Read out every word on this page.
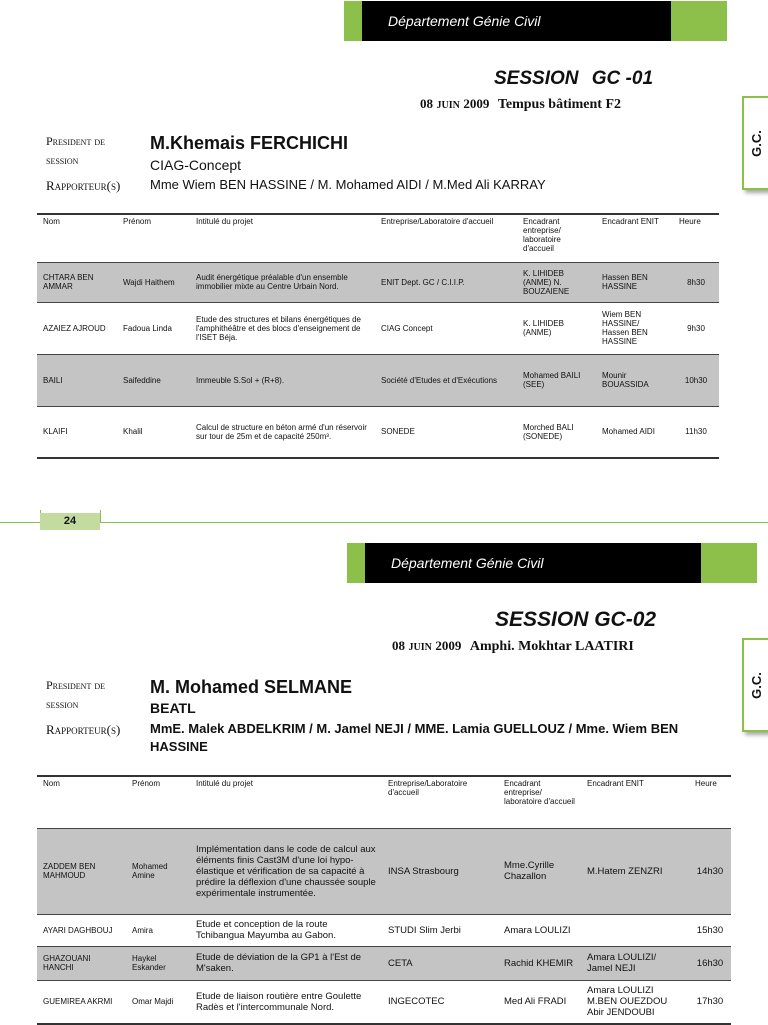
Département Génie Civil
G.C.
SESSION GC -01
08 JUIN 2009 Tempus bâtiment F2
President de
session
M.Khemais FERCHICHI
CIAG-Concept
Rapporteur(s) Mme Wiem BEN HASSINE / M. Mohamed AIDI / M.Med Ali KARRAY
Nom	Prénom	Intitulé du projet	Entreprise/Laboratoire d'accueil	Encadrant entreprise/ laboratoire d'accueil	Encadrant ENIT	Heure
CHTARA BEN AMMAR	Wajdi Haithem	Audit énergétique préalable d'un ensemble immobilier mixte au Centre Urbain Nord.	ENIT Dept. GC / C.I.I.P.	K. LIHIDEB (ANME) N. BOUZAIENE	Hassen BEN HASSINE	8h30
AZAIEZ AJROUD	Fadoua Linda	Etude des structures et bilans énergétiques de l'amphithéâtre et des blocs d'enseignement de l'ISET Béja.	CIAG Concept	K. LIHIDEB (ANME)	Wiem BEN HASSINE/ Hassen BEN HASSINE	9h30
BAILI	Saifeddine	Immeuble S.Sol + (R+8).	Société d'Etudes et d'Exécutions	Mohamed BAILI (SEE)	Mounir BOUASSIDA	10h30
KLAIFI	Khalil	Calcul de structure en béton armé d'un réservoir sur tour de 25m et de capacité 250m³.	SONEDE	Morched BALI (SONEDE)	Mohamed AIDI	11h30
24
Département Génie Civil
G.C.
SESSION GC-02
08 JUIN 2009 Amphi. Mokhtar LAATIRI
President de
session
M. Mohamed SELMANE
BEATL
Rapporteur(s) MmE. Malek ABDELKRIM / M. Jamel NEJI / MME. Lamia GUELLOUZ / Mme. Wiem BEN
HASSINE
Nom	Prénom	Intitulé du projet	Entreprise/Laboratoire d'accueil	Encadrant entreprise/ laboratoire d'accueil	Encadrant ENIT	Heure
ZADDEM BEN MAHMOUD	Mohamed Amine	Implémentation dans le code de calcul aux éléments finis Cast3M d'une loi hypo-élastique et vérification de sa capacité à prédire la déflexion d'une chaussée souple expérimentale instrumentée.	INSA Strasbourg	Mme.Cyrille Chazallon	M.Hatem ZENZRI	14h30
AYARI DAGHBOUJ	Amira	Etude et conception de la route Tchibangua Mayumba au Gabon.	STUDI Slim Jerbi	Amara LOULIZI		15h30
GHAZOUANI HANCHI	Haykel Eskander	Etude de déviation de la GP1 à l'Est de M'saken.	CETA	Rachid KHEMIR	Amara LOULIZI/ Jamel NEJI	16h30
GUEMIREA AKRMI	Omar Majdi	Etude de liaison routière entre Goulette Radès et l'intercommunale Nord.	INGECOTEC	Med Ali FRADI	Amara LOULIZI M.BEN OUEZDOU Abir JENDOUBI	17h30
